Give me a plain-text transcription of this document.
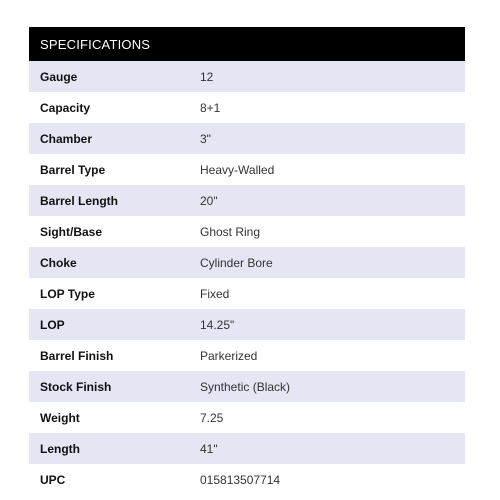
SPECIFICATIONS
Gauge	12
Capacity	8+1
Chamber	3"
Barrel Type	Heavy-Walled
Barrel Length	20"
Sight/Base	Ghost Ring
Choke	Cylinder Bore
LOP Type	Fixed
LOP	14.25"
Barrel Finish	Parkerized
Stock Finish	Synthetic (Black)
Weight	7.25
Length	41"
UPC	015813507714
